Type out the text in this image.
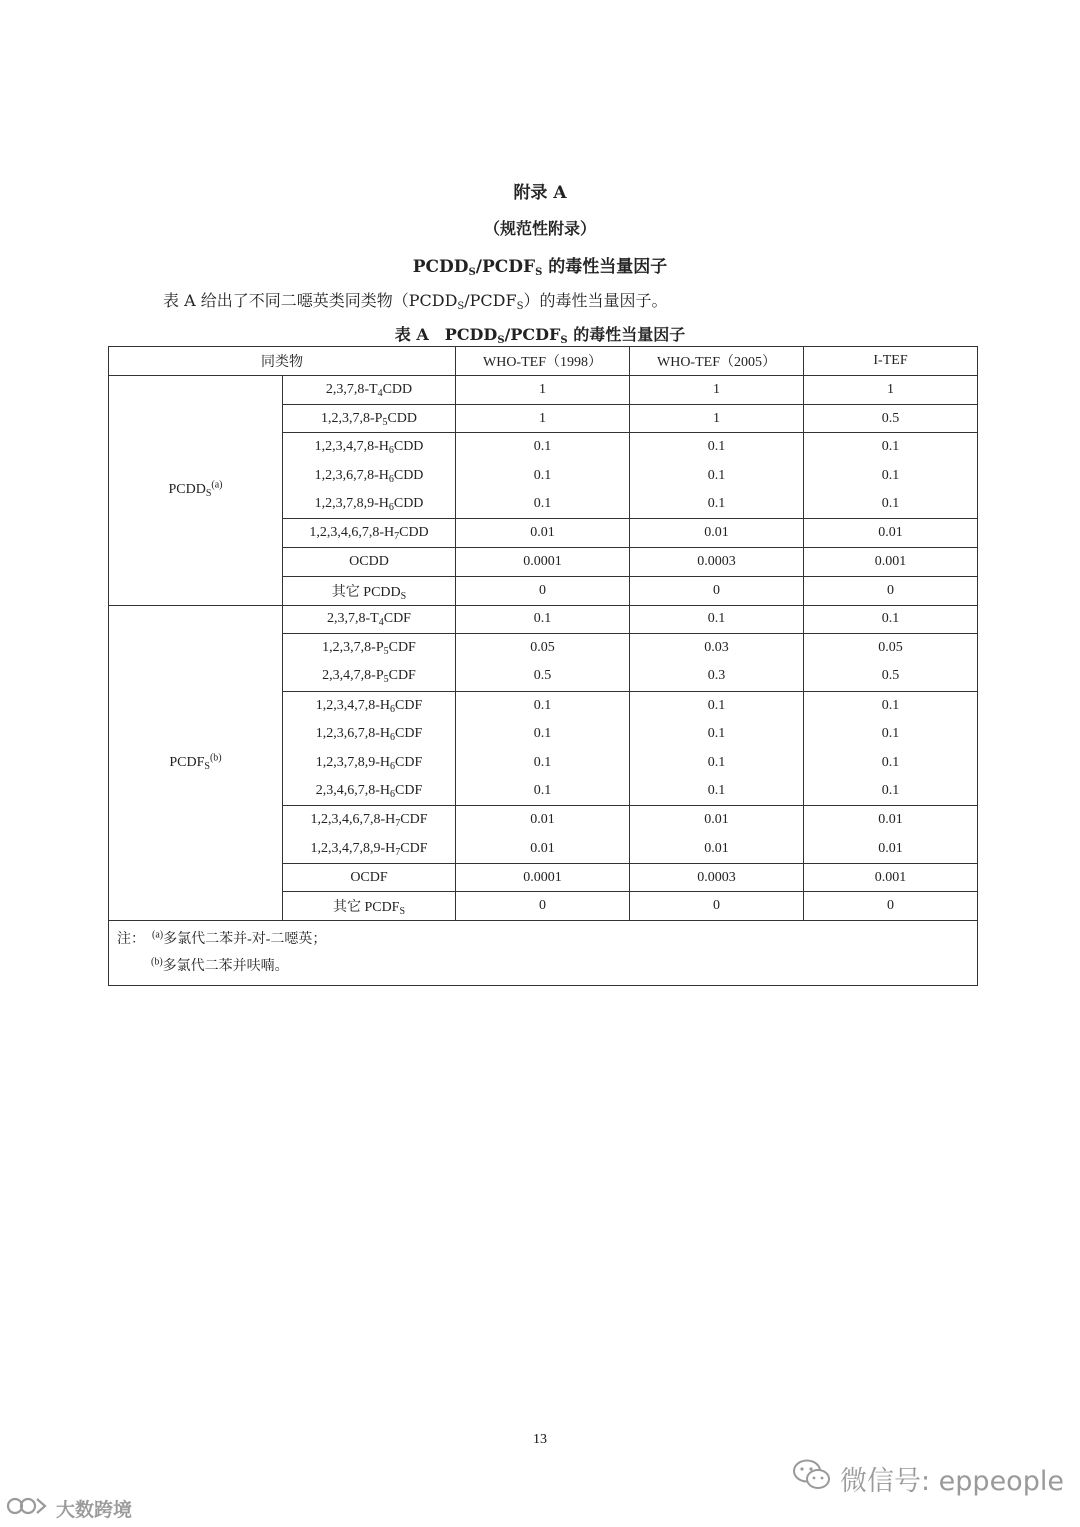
附录 A
（规范性附录）
$PCDD_S/PCDF_S$ 的毒性当量因子
表 A 给出了不同二噁英类同类物$(PCDD_S/PCDF_S)$的毒性当量因子。
表 A　$PCDD_S/PCDF_S$ 的毒性当量因子
同类物		WHO-TEF（1998）	WHO-TEF（2005）	I-TEF
$PCDD_S^{(a)}$	$2,3,7,8-T_4CDD$	1	1	1
	$1,2,3,7,8-P_5CDD$	1	1	0.5
	$1,2,3,4,7,8-H_6CDD$	0.1	0.1	0.1
	$1,2,3,6,7,8-H_6CDD$	0.1	0.1	0.1
	$1,2,3,7,8,9-H_6CDD$	0.1	0.1	0.1
	$1,2,3,4,6,7,8-H_7CDD$	0.01	0.01	0.01
	OCDD	0.0001	0.0003	0.001
	其它 $PCDD_S$	0	0	0
$PCDF_S^{(b)}$	$2,3,7,8-T_4CDF$	0.1	0.1	0.1
	$1,2,3,7,8-P_5CDF$	0.05	0.03	0.05
	$2,3,4,7,8-P_5CDF$	0.5	0.3	0.5
	$1,2,3,4,7,8-H_6CDF$	0.1	0.1	0.1
	$1,2,3,6,7,8-H_6CDF$	0.1	0.1	0.1
	$1,2,3,7,8,9-H_6CDF$	0.1	0.1	0.1
	$2,3,4,6,7,8-H_6CDF$	0.1	0.1	0.1
	$1,2,3,4,6,7,8-H_7CDF$	0.01	0.01	0.01
	$1,2,3,4,7,8,9-H_7CDF$	0.01	0.01	0.01
	OCDF	0.0001	0.0003	0.001
	其它 $PCDF_S$	0	0	0

注：  $^{(a)}$多氯代二苯并-对-二噁英；
$^{(b)}$多氯代二苯并呋喃。				
13
微信号: eppeople
大数跨境
